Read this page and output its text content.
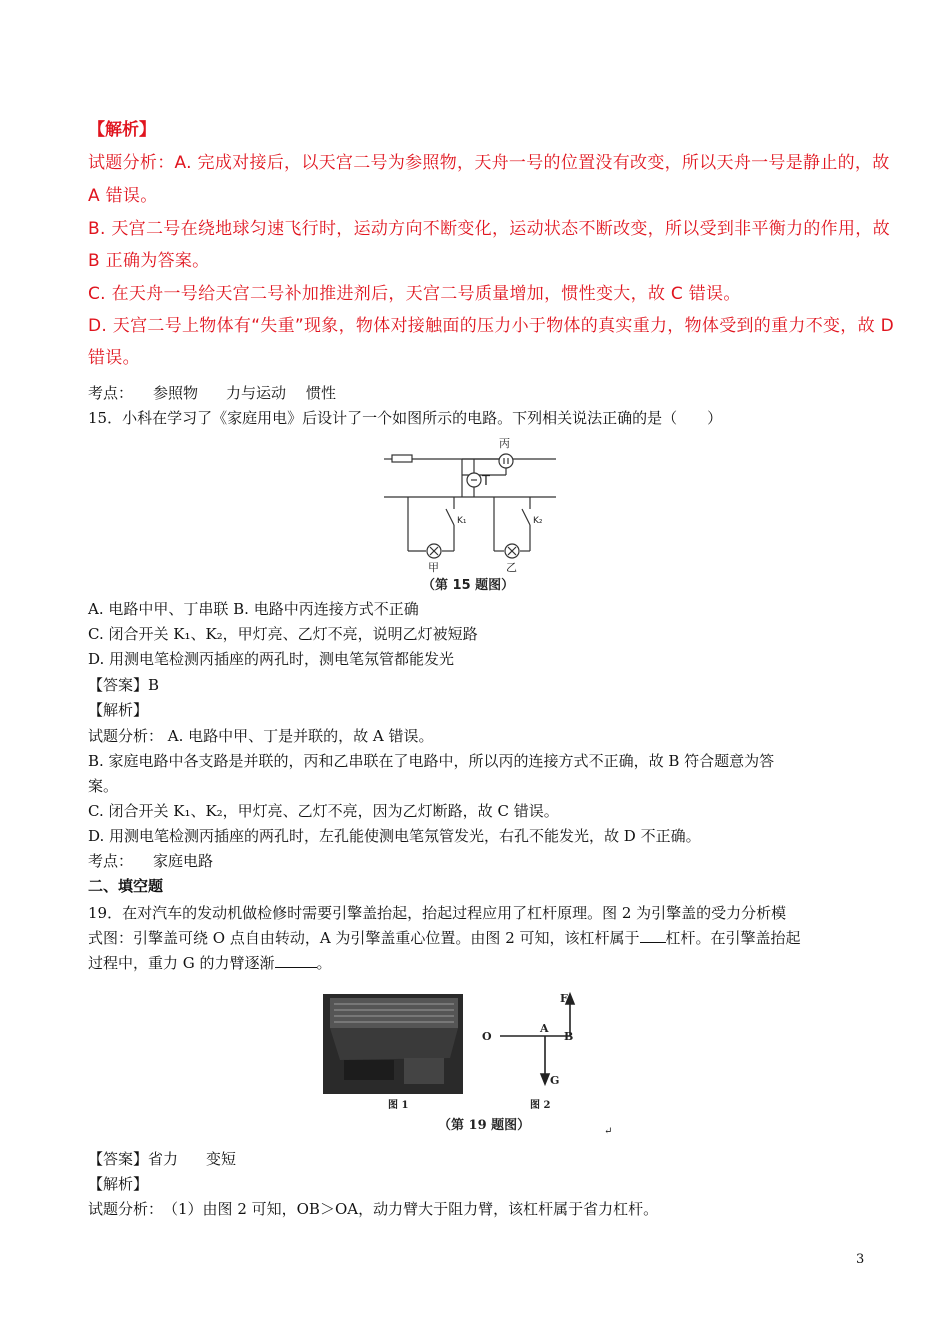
【解析】
试题分析：A. 完成对接后，以天宫二号为参照物，天舟一号的位置没有改变，所以天舟一号是静止的，故
A 错误。
B. 天宫二号在绕地球匀速飞行时，运动方向不断变化，运动状态不断改变，所以受到非平衡力的作用，故
B 正确为答案。
C. 在天舟一号给天宫二号补加推进剂后，天宫二号质量增加，惯性变大，故 C 错误。
D. 天宫二号上物体有“失重”现象，物体对接触面的压力小于物体的真实重力，物体受到的重力不变，故 D
错误。
考点： 参照物 力与运动 惯性
15．小科在学习了《家庭用电》后设计了一个如图所示的电路。下列相关说法正确的是（　　）
丙
T
K₁	K₂
甲	乙
（第 15 题图）
A. 电路中甲、丁串联 B. 电路中丙连接方式不正确
C. 闭合开关 K₁、K₂，甲灯亮、乙灯不亮，说明乙灯被短路
D. 用测电笔检测丙插座的两孔时，测电笔氖管都能发光
【答案】B
【解析】
试题分析： A. 电路中甲、丁是并联的，故 A 错误。
B. 家庭电路中各支路是并联的，丙和乙串联在了电路中，所以丙的连接方式不正确，故 B 符合题意为答
案。
C. 闭合开关 K₁、K₂，甲灯亮、乙灯不亮，因为乙灯断路，故 C 错误。
D. 用测电笔检测丙插座的两孔时，左孔能使测电笔氖管发光，右孔不能发光，故 D 不正确。
考点： 家庭电路
二、填空题
19．在对汽车的发动机做检修时需要引擎盖抬起，抬起过程应用了杠杆原理。图 2 为引擎盖的受力分析模
式图：引擎盖可绕 O 点自由转动，A 为引擎盖重心位置。由图 2 可知，该杠杆属于 杠杆。在引擎盖抬起
过程中，重力 G 的力臂逐渐	。
O
A
B
F
G
图 1	图 2
（第 19 题图）	↵
【答案】省力 变短
【解析】
试题分析：　（1）由图 2 可知，OB＞OA，动力臂大于阻力臂，该杠杆属于省力杠杆。
3
